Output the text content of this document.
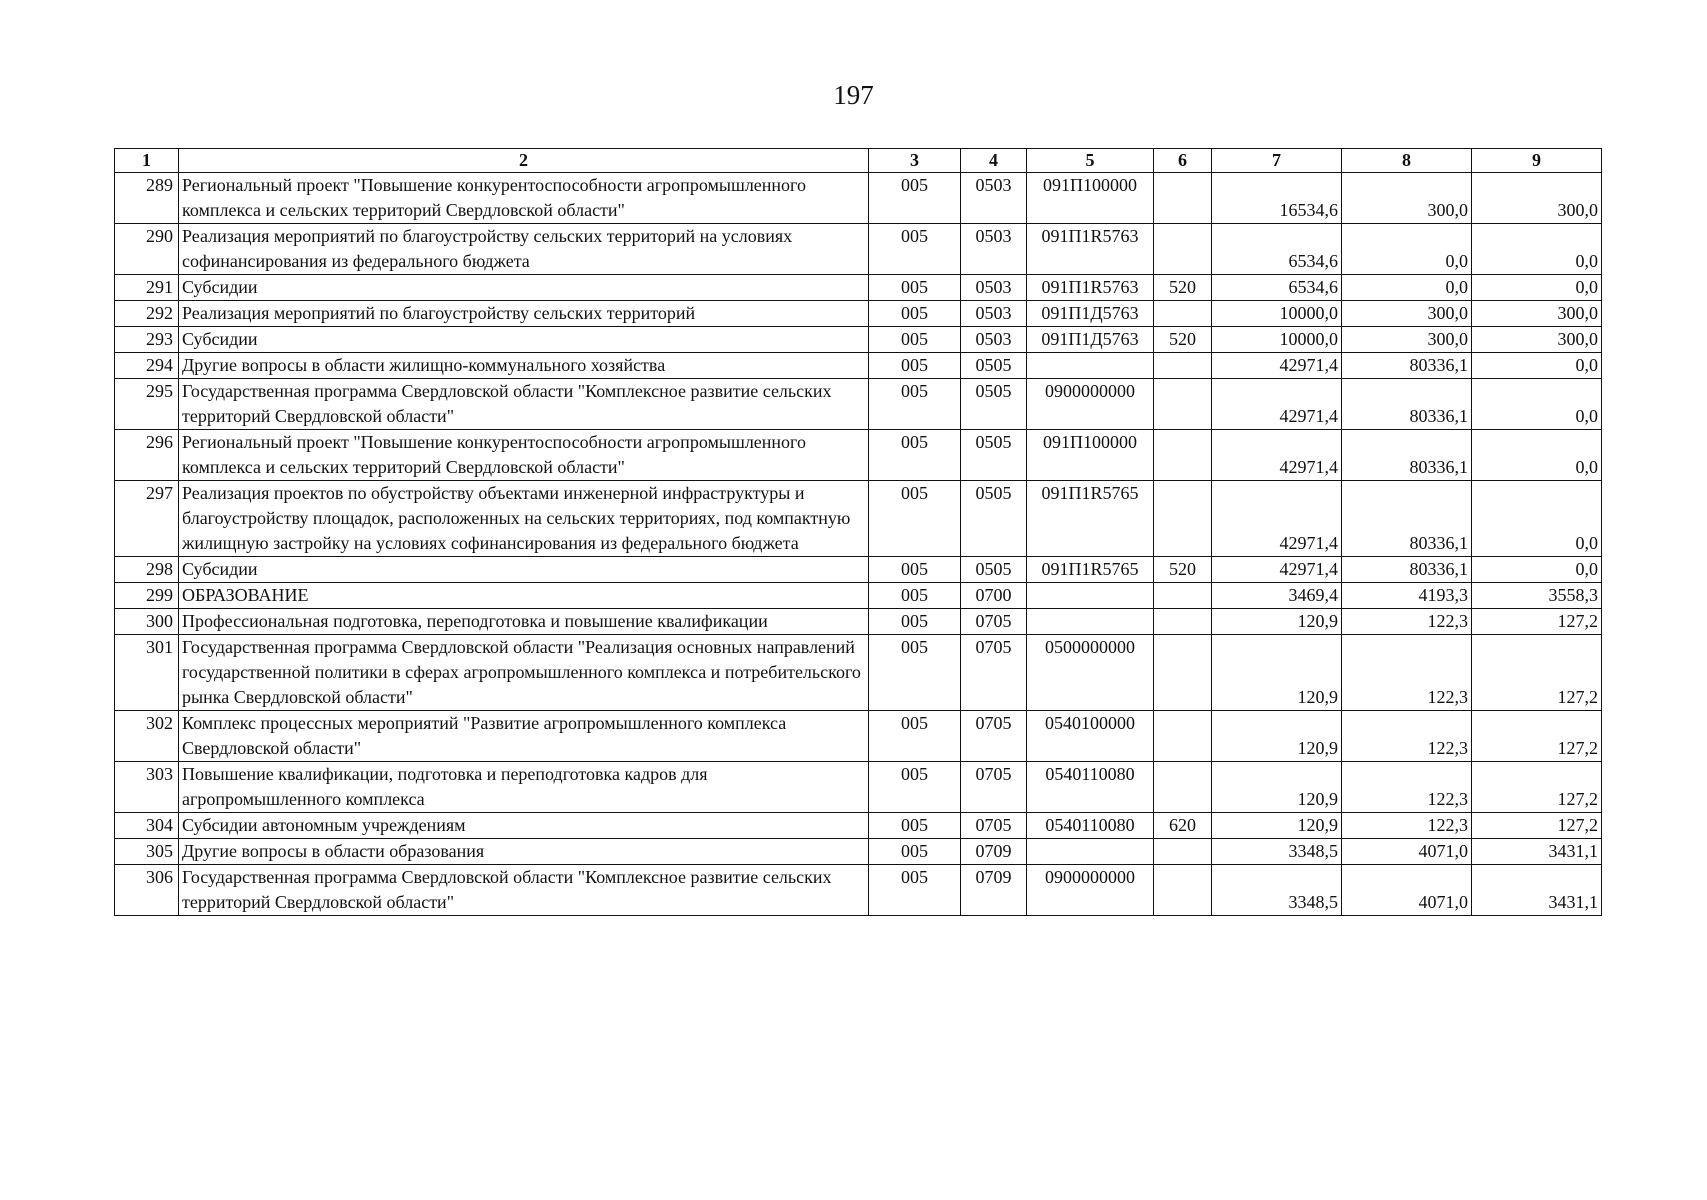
197
1	2	3	4	5	6	7	8	9
289	Региональный проект "Повышение конкурентоспособности агропромышленного комплекса и сельских территорий Свердловской области"	005	0503	091П100000		16534,6	300,0	300,0
290	Реализация мероприятий по благоустройству сельских территорий на условиях софинансирования из федерального бюджета	005	0503	091П1R5763		6534,6	0,0	0,0
291	Субсидии	005	0503	091П1R5763	520	6534,6	0,0	0,0
292	Реализация мероприятий по благоустройству сельских территорий	005	0503	091П1Д5763		10000,0	300,0	300,0
293	Субсидии	005	0503	091П1Д5763	520	10000,0	300,0	300,0
294	Другие вопросы в области жилищно-коммунального хозяйства	005	0505			42971,4	80336,1	0,0
295	Государственная программа Свердловской области "Комплексное развитие сельских территорий Свердловской области"	005	0505	0900000000		42971,4	80336,1	0,0
296	Региональный проект "Повышение конкурентоспособности агропромышленного комплекса и сельских территорий Свердловской области"	005	0505	091П100000		42971,4	80336,1	0,0
297	Реализация проектов по обустройству объектами инженерной инфраструктуры и благоустройству площадок, расположенных на сельских территориях, под компактную жилищную застройку на условиях софинансирования из федерального бюджета	005	0505	091П1R5765		42971,4	80336,1	0,0
298	Субсидии	005	0505	091П1R5765	520	42971,4	80336,1	0,0
299	ОБРАЗОВАНИЕ	005	0700			3469,4	4193,3	3558,3
300	Профессиональная подготовка, переподготовка и повышение квалификации	005	0705			120,9	122,3	127,2
301	Государственная программа Свердловской области "Реализация основных направлений государственной политики в сферах агропромышленного комплекса и потребительского рынка Свердловской области"	005	0705	0500000000		120,9	122,3	127,2
302	Комплекс процессных мероприятий "Развитие агропромышленного комплекса Свердловской области"	005	0705	0540100000		120,9	122,3	127,2
303	Повышение квалификации, подготовка и переподготовка кадров для агропромышленного комплекса	005	0705	0540110080		120,9	122,3	127,2
304	Субсидии автономным учреждениям	005	0705	0540110080	620	120,9	122,3	127,2
305	Другие вопросы в области образования	005	0709			3348,5	4071,0	3431,1
306	Государственная программа Свердловской области "Комплексное развитие сельских территорий Свердловской области"	005	0709	0900000000		3348,5	4071,0	3431,1
